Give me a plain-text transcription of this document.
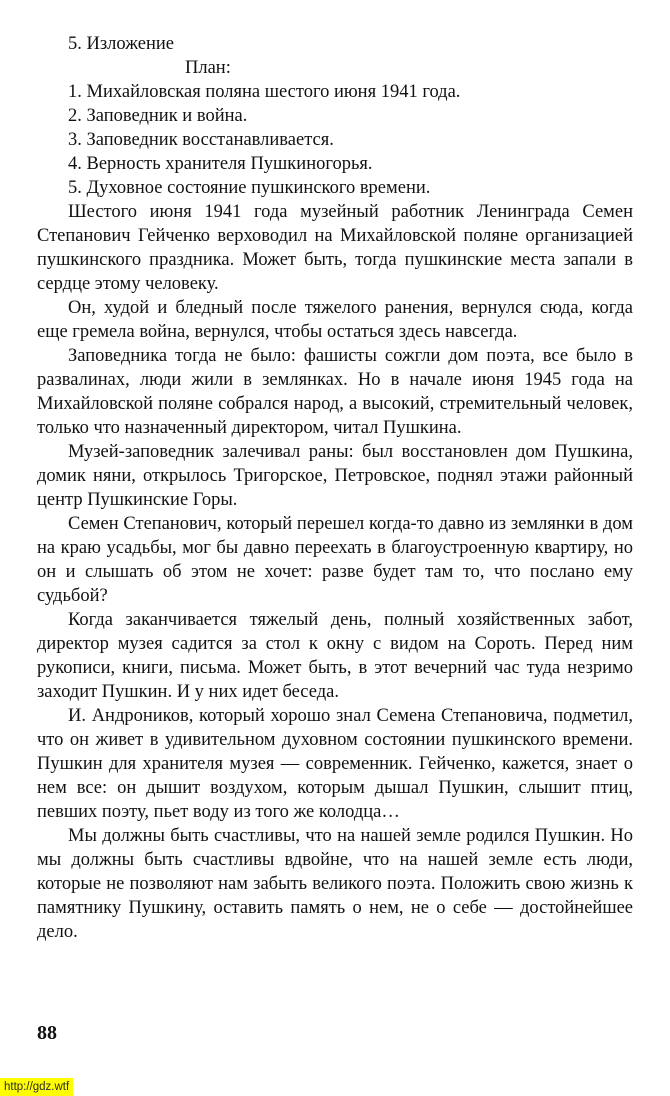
5. Изложение

План:

1. Михайловская поляна шестого июня 1941 года.

2. Заповедник и война.

3. Заповедник восстанавливается.

4. Верность хранителя Пушкиногорья.

5. Духовное состояние пушкинского времени.

Шестого июня 1941 года музейный работник Ленинграда Семен Степанович Гейченко верховодил на Михайловской поляне организацией пушкинского праздника. Может быть, тогда пушкинские места запали в сердце этому человеку.

Он, худой и бледный после тяжелого ранения, вернулся сюда, когда еще гремела война, вернулся, чтобы остаться здесь навсегда.

Заповедника тогда не было: фашисты сожгли дом поэта, все было в развалинах, люди жили в землянках. Но в начале июня 1945 года на Михайловской поляне собрался народ, а высокий, стремительный человек, только что назначенный директором, читал Пушкина.

Музей-заповедник залечивал раны: был восстановлен дом Пушкина, домик няни, открылось Тригорское, Петровское, поднял этажи районный центр Пушкинские Горы.

Семен Степанович, который перешел когда-то давно из землянки в дом на краю усадьбы, мог бы давно переехать в благоустроенную квартиру, но он и слышать об этом не хочет: разве будет там то, что послано ему судьбой?

Когда заканчивается тяжелый день, полный хозяйственных забот, директор музея садится за стол к окну с видом на Сороть. Перед ним рукописи, книги, письма. Может быть, в этот вечерний час туда незримо заходит Пушкин. И у них идет беседа.

И. Андроников, который хорошо знал Семена Степановича, подметил, что он живет в удивительном духовном состоянии пушкинского времени. Пушкин для хранителя музея — современник. Гейченко, кажется, знает о нем все: он дышит воздухом, которым дышал Пушкин, слышит птиц, певших поэту, пьет воду из того же колодца…

Мы должны быть счастливы, что на нашей земле родился Пушкин. Но мы должны быть счастливы вдвойне, что на нашей земле есть люди, которые не позволяют нам забыть великого поэта. Положить свою жизнь к памятнику Пушкину, оставить память о нем, не о себе — достойнейшее дело.

88
http://gdz.wtf
